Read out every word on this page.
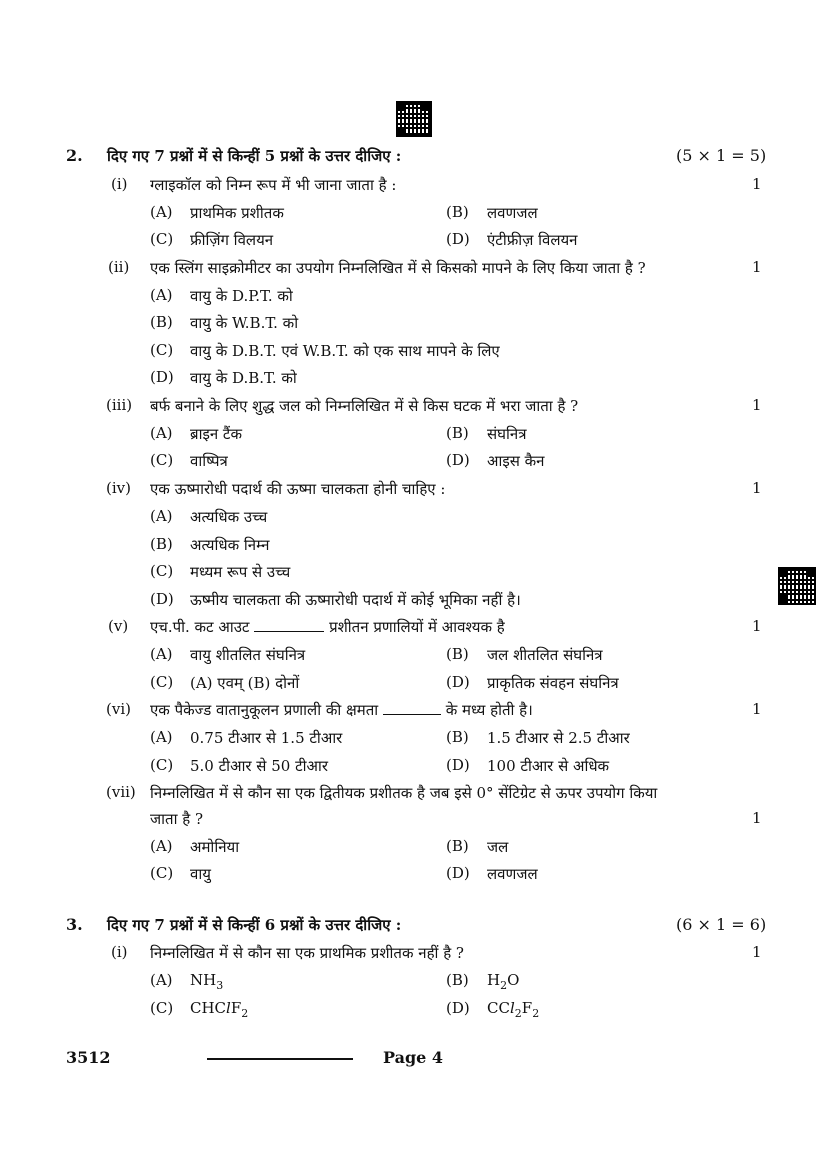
2. दिए गए 7 प्रश्नों में से किन्हीं 5 प्रश्नों के उत्तर दीजिए :	(5 × 1 = 5)
(i) ग्लाइकॉल को निम्न रूप में भी जाना जाता है :	1
(A) प्राथमिक प्रशीतक	(B) लवणजल
(C) फ्रीज़िंग विलयन	(D) एंटीफ्रीज़ विलयन
(ii) एक स्लिंग साइक्रोमीटर का उपयोग निम्नलिखित में से किसको मापने के लिए किया जाता है ?	1
(A) वायु के D.P.T. को
(B) वायु के W.B.T. को
(C) वायु के D.B.T. एवं W.B.T. को एक साथ मापने के लिए
(D) वायु के D.B.T. को
(iii) बर्फ बनाने के लिए शुद्ध जल को निम्नलिखित में से किस घटक में भरा जाता है ?	1
(A) ब्राइन टैंक	(B) संघनित्र
(C) वाष्पित्र	(D) आइस कैन
(iv) एक ऊष्मारोधी पदार्थ की ऊष्मा चालकता होनी चाहिए :	1
(A) अत्यधिक उच्च
(B) अत्यधिक निम्न
(C) मध्यम रूप से उच्च
(D) ऊष्मीय चालकता की ऊष्मारोधी पदार्थ में कोई भूमिका नहीं है।
(v) एच.पी. कट आउट	प्रशीतन प्रणालियों में आवश्यक है	1
(A) वायु शीतलित संघनित्र	(B) जल शीतलित संघनित्र
(C) (A) एवम् (B) दोनों	(D) प्राकृतिक संवहन संघनित्र
(vi) एक पैकेज्ड वातानुकूलन प्रणाली की क्षमता	के मध्य होती है।	1
(A) 0.75 टीआर से 1.5 टीआर	(B) 1.5 टीआर से 2.5 टीआर
(C) 5.0 टीआर से 50 टीआर	(D) 100 टीआर से अधिक
(vii) निम्नलिखित में से कौन सा एक द्वितीयक प्रशीतक है जब इसे 0° सेंटिग्रेट से ऊपर उपयोग किया
जाता है ?	1
(A) अमोनिया	(B) जल
(C) वायु	(D) लवणजल
3. दिए गए 7 प्रश्नों में से किन्हीं 6 प्रश्नों के उत्तर दीजिए :	(6 × 1 = 6)
(i) निम्नलिखित में से कौन सा एक प्राथमिक प्रशीतक नहीं है ?	1
(A) $NH_3$	(B) $H_2O$
(C) CHClF$_2$	(D) $CCl_2F_2$
3512	Page 4
